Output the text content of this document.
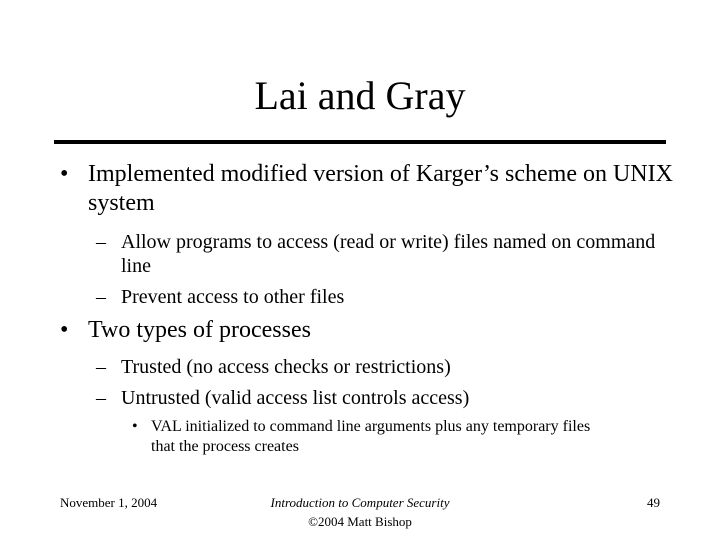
Lai and Gray
• Implemented modified version of Karger’s scheme on UNIX system
– Allow programs to access (read or write) files named on command line
– Prevent access to other files
• Two types of processes
– Trusted (no access checks or restrictions)
– Untrusted (valid access list controls access)
• VAL initialized to command line arguments plus any temporary files that the process creates
November 1, 2004	Introduction to Computer Security
©2004 Matt Bishop
49
